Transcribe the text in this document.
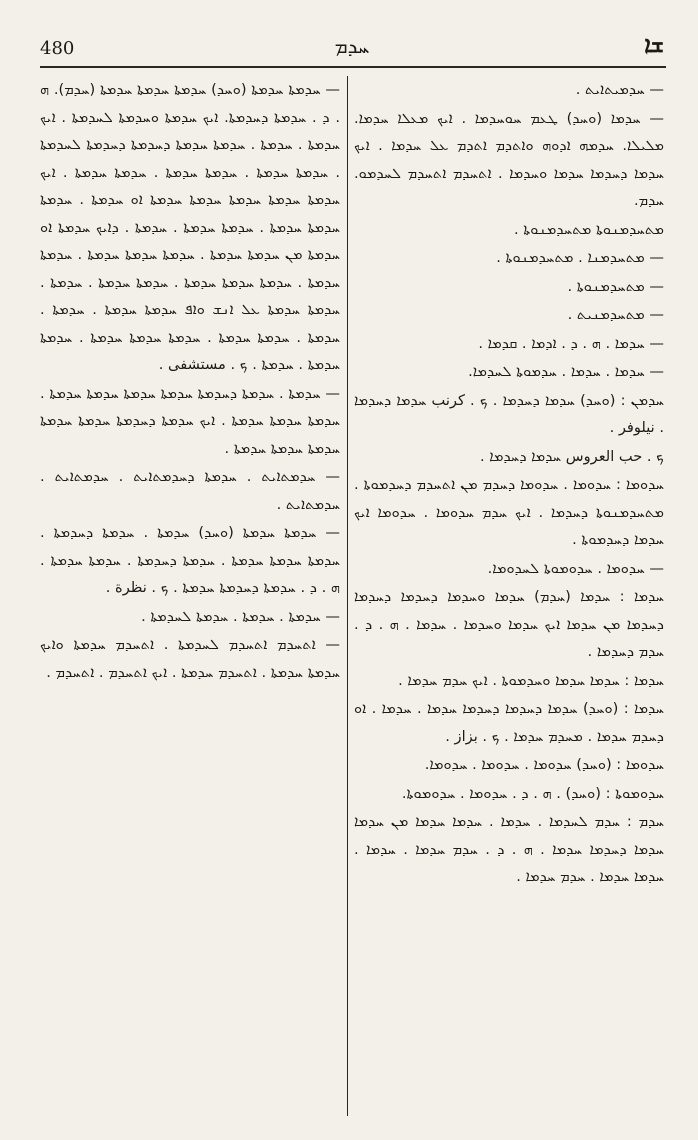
480	ܚܕܡ	ܫܐ

— ܚܕܡܝܬܐܝܬ .

— ܚܕܡܐ (ܘܚܕ) ܛܥܡ ܚܘܚܕܡܐ . ܐܝܟ ܡܥܠܐ ܚܕܡܐ. ܡܠܝܠܐ. ܚܕܡܗ ܐܕܘܗ ܘܐܬܕܡ ܐܬܕܡ ܥܠ ܚܕܡܐ . ܐܝܟ ܚܕܡܐ ܕܚܕܡܐ ܚܕܡܐ ܘܚܕܡܐ . ܐܬܚܕܡ ܐܬܚܕܡ ܠܚܕܡܘ. ܚܕܡ.

ܡܬܚܕܡܢܘܬܐ ܡܬܚܕܡܢܘܬܐ .

— ܡܬܚܕܡܢܐ . ܡܬܚܕܡܢܘܬܐ .

— ܡܬܚܕܡܢܘܬܐ .

— ܡܬܚܕܡܢܝܬ .

— ܚܕܡܐ . ܗ . ܕ . ܐܕܡܐ . ܩܕܡܐ .

— ܚܕܡܐ . ܚܕܡܐ . ܚܕܡܘܬܐ ܠܚܕܡܐ.

ܚܕܡܢ : (ܘܚܕ) ܚܕܡܐ ܕܚܕܡܐ . ܟ . كرنب ܚܕܡܐ ܕܚܕܡܐ . نيلوفر .

ܟ . حب العروس ܚܕܡܐ ܕܚܕܡܐ .

ܚܕܘܡܐ : ܚܕܘܡܐ . ܚܕܘܡܐ ܕܚܕܡ ܡܢ ܐܬܚܕܡ ܕܚܕܡܘܬܐ . ܡܬܚܕܡܢܘܬܐ ܕܚܕܡܐ . ܐܝܟ ܚܕܡ ܚܕܘܡܐ . ܚܕܘܡܐ ܐܝܟ ܚܕܡܐ ܕܚܕܡܘܬܐ .

— ܚܕܘܡܐ . ܚܕܘܡܘܬܐ ܠܚܕܘܡܐ.

ܚܕܡܐ : ܚܕܡܐ (ܚܕܡ) ܚܕܡܐ ܘܚܕܡܐ ܕܚܕܡܐ ܕܚܕܡܐ ܕܚܕܡܐ ܡܢ ܚܕܡܐ ܐܝܟ ܚܕܡܐ ܘܚܕܡܐ . ܚܕܡܐ . ܗ . ܕ . ܚܕܡ ܕܚܕܡܐ .

ܚܕܡܐ : ܚܕܡܐ ܚܕܡܐ ܘܚܕܡܘܬܐ . ܐܝܟ ܚܕܡ ܚܕܡܐ .

ܚܕܡܐ : (ܘܚܕ) ܚܕܡܐ ܕܚܕܡܐ ܕܚܕܡܐ ܚܕܡܐ . ܚܕܡܐ . ܐܘ ܕܚܕܡ ܚܕܡܐ . ܡܚܕܡ ܚܕܡܐ . ܟ . بزاز .

ܚܕܘܡܐ : (ܘܚܕ) ܚܕܘܡܐ . ܚܕܘܡܐ . ܚܕܘܡܐ.

ܚܕܘܡܘܬܐ : (ܘܚܕ) . ܗ . ܕ . ܚܕܘܡܐ . ܚܕܘܡܘܬܐ.

ܚܕܡ : ܚܕܡ ܠܚܕܡܐ . ܚܕܡܐ . ܚܕܡܐ ܚܕܡܐ ܡܢ ܚܕܡܐ ܚܕܡܐ ܕܚܕܡܐ ܚܕܡܐ . ܗ . ܕ . ܚܕܡ ܚܕܡܐ . ܚܕܡܐ . ܚܕܡܐ ܚܕܡܐ . ܚܕܡ ܚܕܡܐ .

— ܚܕܡܬܐ ܚܕܡܬܐ (ܘܚܕ) ܚܕܡܬܐ ܚܕܡܬܐ ܚܕܡܬܐ (ܚܕܡ). ܗ . ܕ . ܚܕܡܬܐ ܕܚܕܡܬܐ. ܐܝܟ ܚܕܡܬܐ ܘܚܕܡܬܐ ܠܚܕܡܬܐ . ܐܝܟ ܚܕܡܬܐ . ܚܕܡܬܐ . ܚܕܡܬܐ ܚܕܡܬܐ ܕܚܕܡܬܐ ܕܚܕܡܬܐ ܠܚܕܡܬܐ . ܚܕܡܬܐ ܚܕܡܬܐ . ܚܕܡܬܐ ܚܕܡܬܐ . ܚܕܡܬܐ ܚܕܡܬܐ . ܐܝܟ ܚܕܡܬܐ ܚܕܡܬܐ ܚܕܡܬܐ ܚܕܡܬܐ ܚܕܡܬܐ ܐܘ ܚܕܡܬܐ . ܚܕܡܬܐ ܚܕܡܬܐ ܚܕܡܬܐ . ܚܕܡܬܐ ܚܕܡܬܐ . ܚܕܡܬܐ . ܕܐܝܟ ܚܕܡܬܐ ܐܘ ܚܕܡܬܐ ܡܢ ܚܕܡܬܐ ܚܕܡܬܐ . ܚܕܡܬܐ ܚܕܡܬܐ ܚܕܡܬܐ . ܚܕܡܬܐ ܚܕܡܬܐ . ܚܕܡܬܐ ܚܕܡܬܐ ܚܕܡܬܐ . ܚܕܡܬܐ ܚܕܡܬܐ . ܚܕܡܬܐ . ܚܕܡܬܐ ܚܕܡܬܐ ܥܠ ܐܢܫ ܘܐܦ ܚܕܡܬܐ ܚܕܡܬܐ . ܚܕܡܬܐ . ܚܕܡܬܐ . ܚܕܡܬܐ ܚܕܡܬܐ . ܚܕܡܬܐ ܚܕܡܬܐ ܚܕܡܬܐ . ܚܕܡܬܐ ܚܕܡܬܐ . ܚܕܡܬܐ . ܟ . مستشفى .

— ܚܕܡܬܐ . ܚܕܡܬܐ ܕܚܕܡܬܐ ܚܕܡܬܐ ܚܕܡܬܐ ܚܕܡܬܐ ܚܕܡܬܐ . ܚܕܡܬܐ ܚܕܡܬܐ ܚܕܡܬܐ . ܐܝܟ ܚܕܡܬܐ ܕܚܕܡܬܐ ܚܕܡܬܐ ܚܕܡܬܐ ܚܕܡܬܐ ܚܕܡܬܐ ܚܕܡܬܐ .

— ܚܕܡܬܐܝܬ . ܚܕܡܬܐ ܕܚܕܡܬܐܝܬ . ܚܕܡܬܐܝܬ . ܚܕܡܬܐܝܬ .

— ܚܕܡܬܐ ܚܕܡܬܐ (ܘܚܕ) ܚܕܡܬܐ . ܚܕܡܬܐ ܕܚܕܡܬܐ . ܚܕܡܬܐ ܚܕܡܬܐ ܚܕܡܬܐ . ܚܕܡܬܐ ܕܚܕܡܬܐ . ܚܕܡܬܐ ܚܕܡܬܐ . ܗ . ܕ . ܚܕܡܬܐ ܕܚܕܡܬܐ ܚܕܡܬܐ . ܟ . نظرة .

— ܚܕܡܬܐ . ܚܕܡܬܐ . ܚܕܡܬܐ ܠܚܕܡܬܐ .

— ܐܬܚܕܡ ܐܬܚܕܡ ܠܚܕܡܬܐ . ܐܬܚܕܡ ܚܕܡܬܐ ܘܐܝܟ ܚܕܡܬܐ ܚܕܡܬܐ . ܐܬܚܕܡ ܚܕܡܬܐ . ܐܝܟ ܐܬܚܕܡ . ܐܬܚܕܡ .
